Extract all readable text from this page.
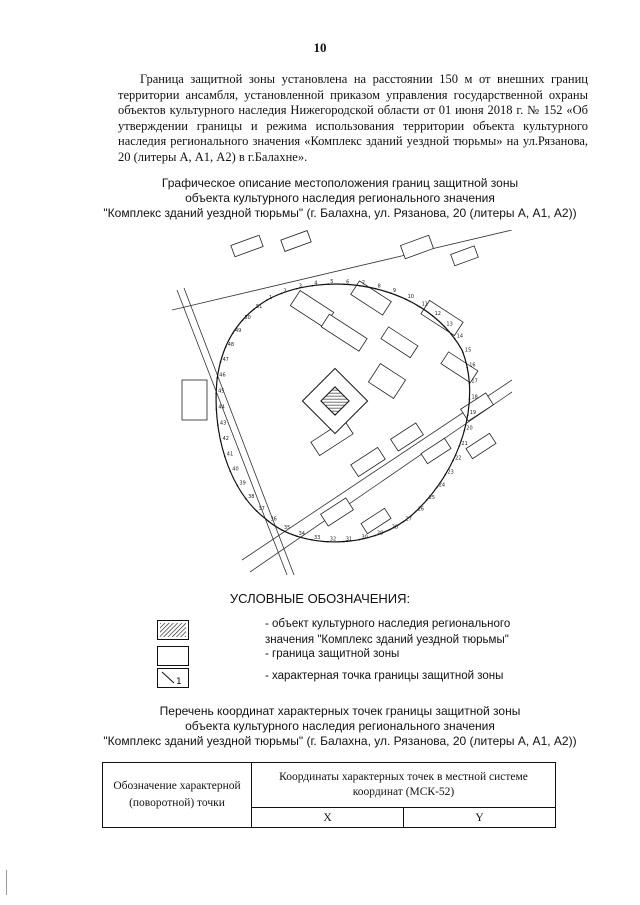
10
Граница защитной зоны установлена на расстоянии 150 м от внешних границ территории ансамбля, установленной приказом управления государственной охраны объектов культурного наследия Нижегородской области от 01 июня 2018 г. № 152 «Об утверждении границы и режима использования территории объекта культурного наследия регионального значения «Комплекс зданий уездной тюрьмы» на ул.Рязанова, 20 (литеры А, А1, А2) в г.Балахне».
Графическое описание местоположения границ защитной зоны
объекта культурного наследия регионального значения
"Комплекс зданий уездной тюрьмы" (г. Балахна, ул. Рязанова, 20 (литеры А, А1, А2))
1
2
3 4	5	6	7	8
9
10
11
12
13
14
15
16
17
18
19
20
21
22
23
24
25
26
27
28
29
30
31
32
33
34
35
36
37
38
39
40
41
42
43
44
45
46
47
48
49
50
51
УСЛОВНЫЕ ОБОЗНАЧЕНИЯ:
- объект культурного наследия регионального
значения "Комплекс зданий уездной тюрьмы"
- граница защитной зоны
1	- характерная точка границы защитной зоны
Перечень координат характерных точек границы защитной зоны
объекта культурного наследия регионального значения
"Комплекс зданий уездной тюрьмы" (г. Балахна, ул. Рязанова, 20 (литеры А, А1, А2))
Обозначение характерной (поворотной) точки	Координаты характерных точек в местной системе координат (МСК-52)	
	X	Y
